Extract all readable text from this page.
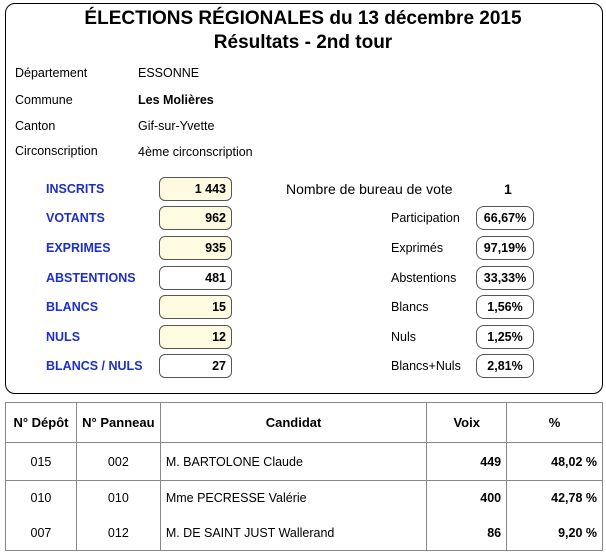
ÉLECTIONS RÉGIONALES du 13 décembre 2015
Résultats - 2nd tour
Département	ESSONNE
Commune	Les Molières
Canton	Gif-sur-Yvette
Circonscription	4ème circonscription
INSCRITS	1 443
VOTANTS	962
EXPRIMES	935
ABSTENTIONS	481
BLANCS	15
NULS	12
BLANCS / NULS	27
Nombre de bureau de vote	1
Participation	66,67%
Exprimés	97,19%
Abstentions	33,33%
Blancs	1,56%
Nuls	1,25%
Blancs+Nuls	2,81%
N° Dépôt	N° Panneau	Candidat	Voix	%
015	002	M. BARTOLONE Claude	449	48,02 %
010	010	Mme PECRESSE Valérie	400	42,78 %
007	012	M. DE SAINT JUST Wallerand	86	9,20 %
